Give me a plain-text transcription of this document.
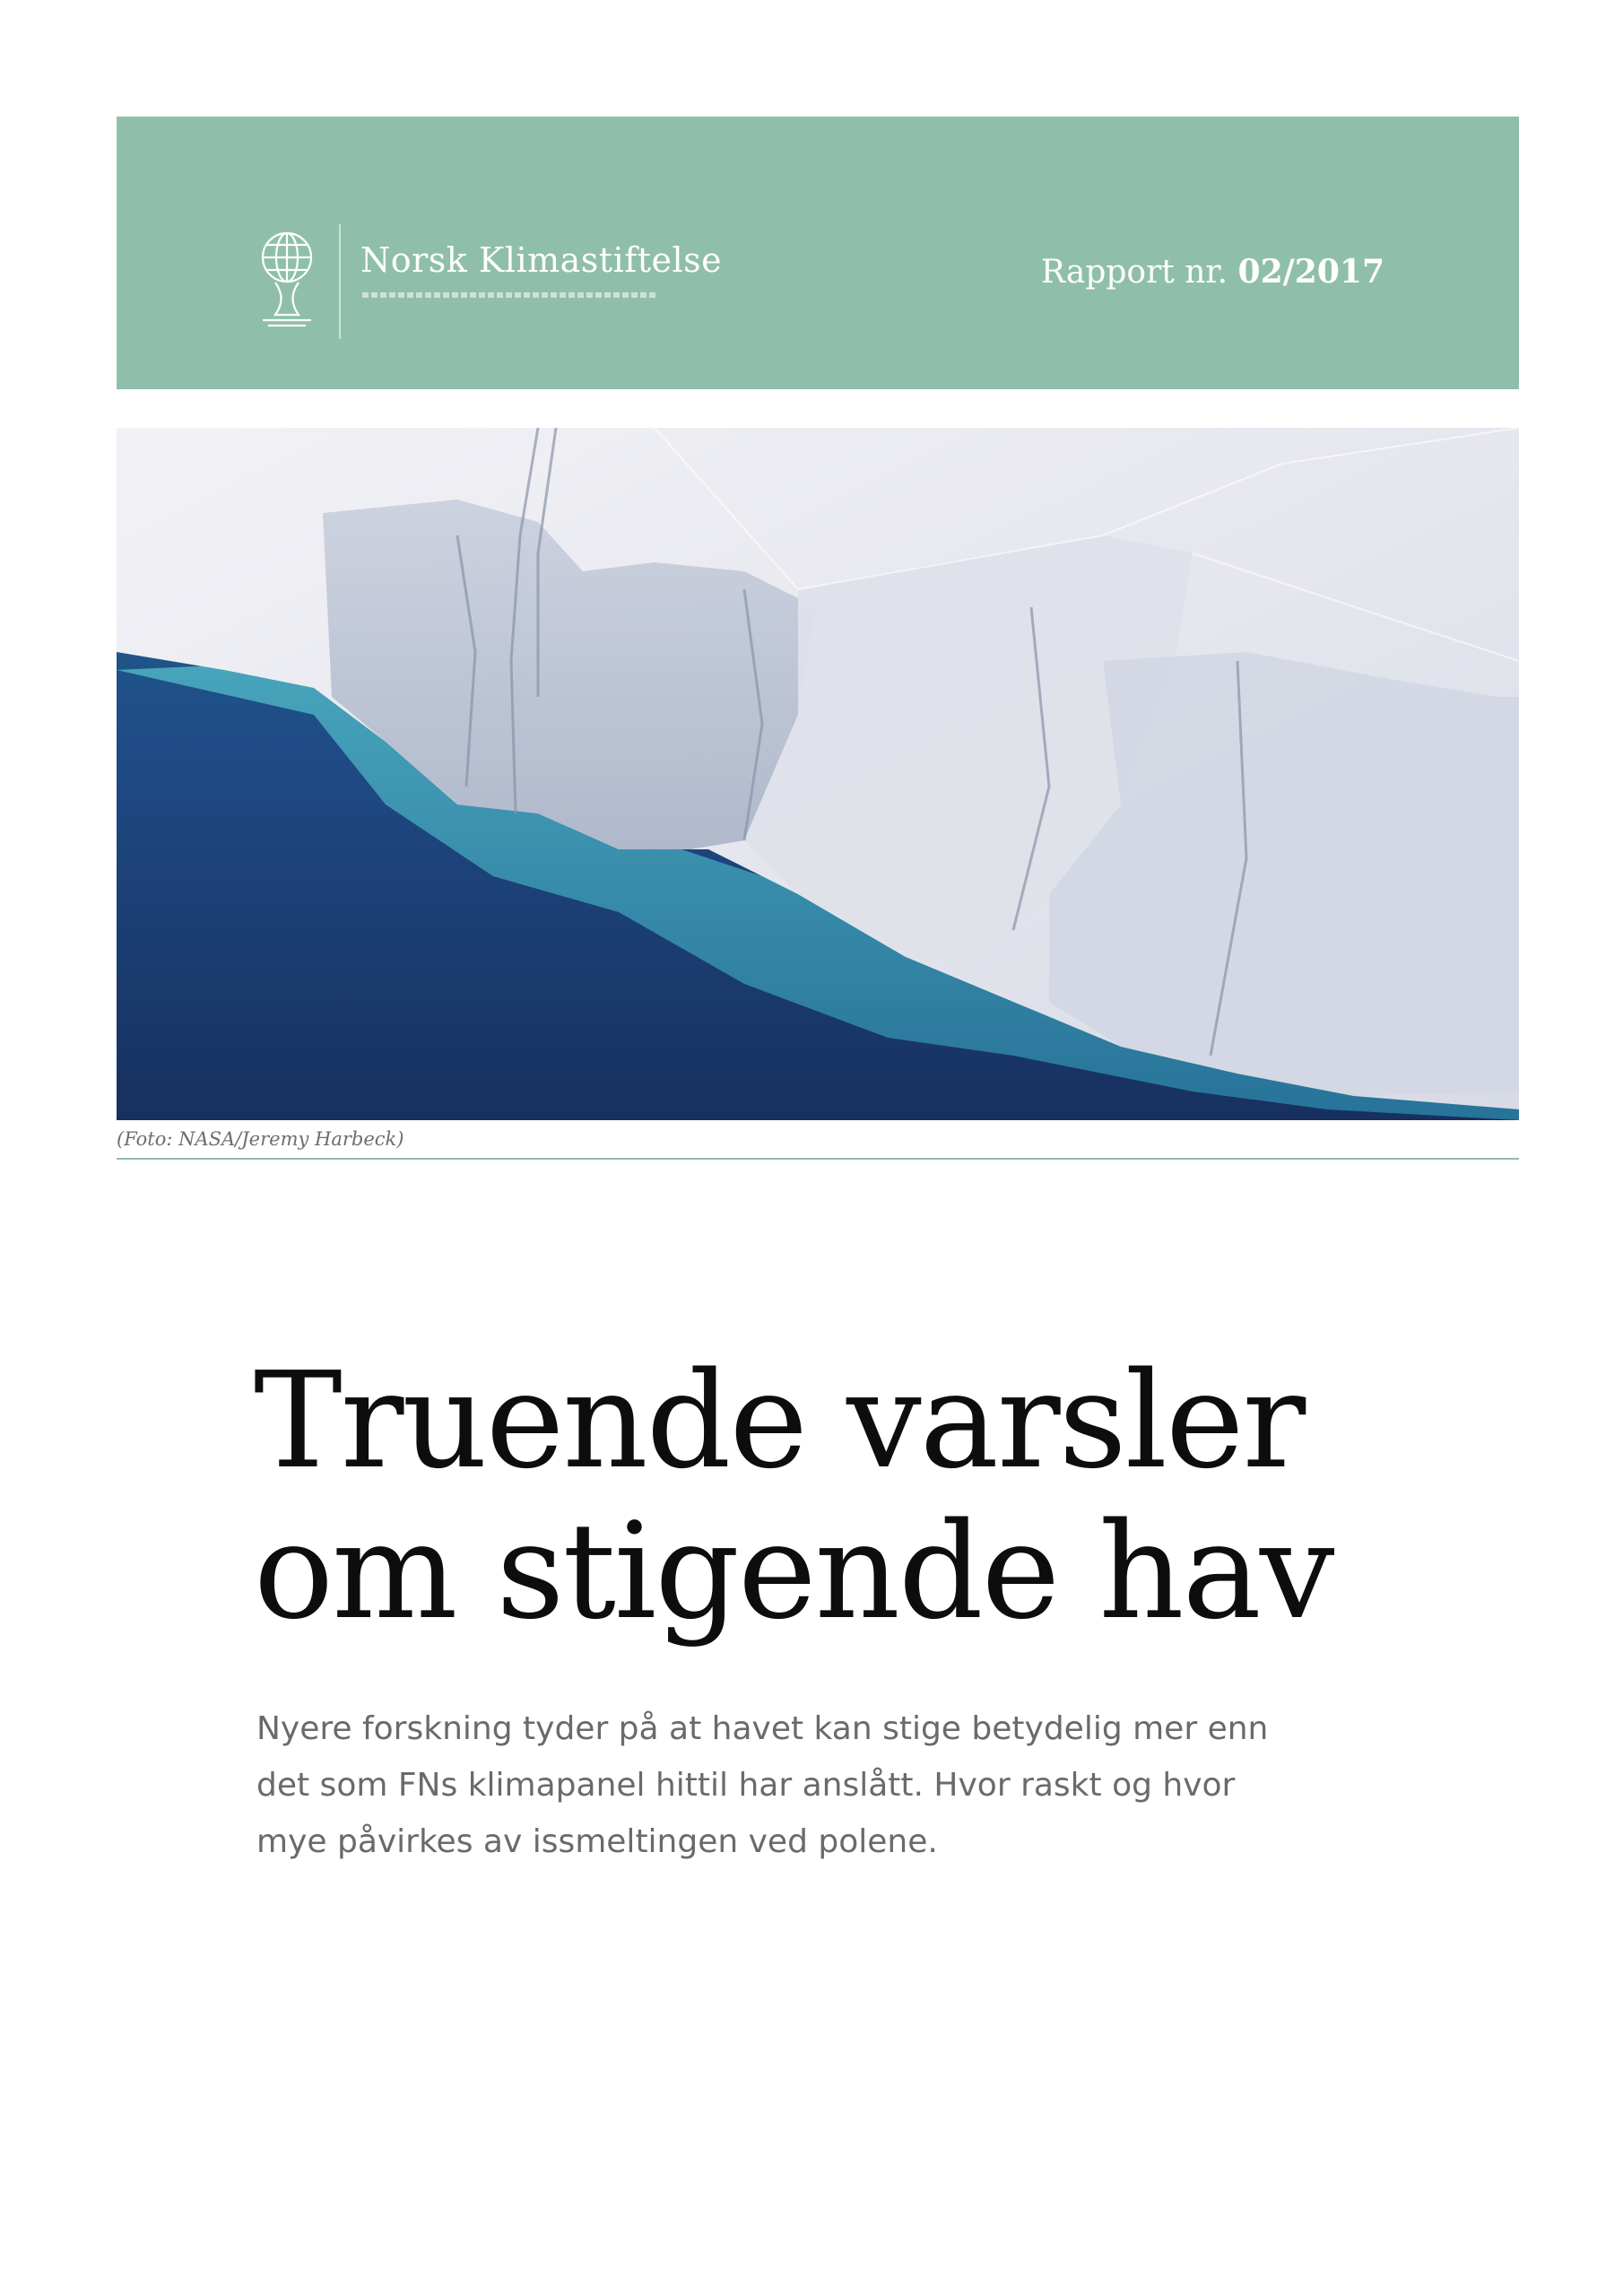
Norsk Klimastiftelse	Rapport nr. 02/2017
(Foto: NASA/Jeremy Harbeck)
Truende varsler
om stigende hav

Nyere forskning tyder på at havet kan stige betydelig mer enn
det som FNs klimapanel hittil har anslått. Hvor raskt og hvor
mye påvirkes av issmeltingen ved polene.
